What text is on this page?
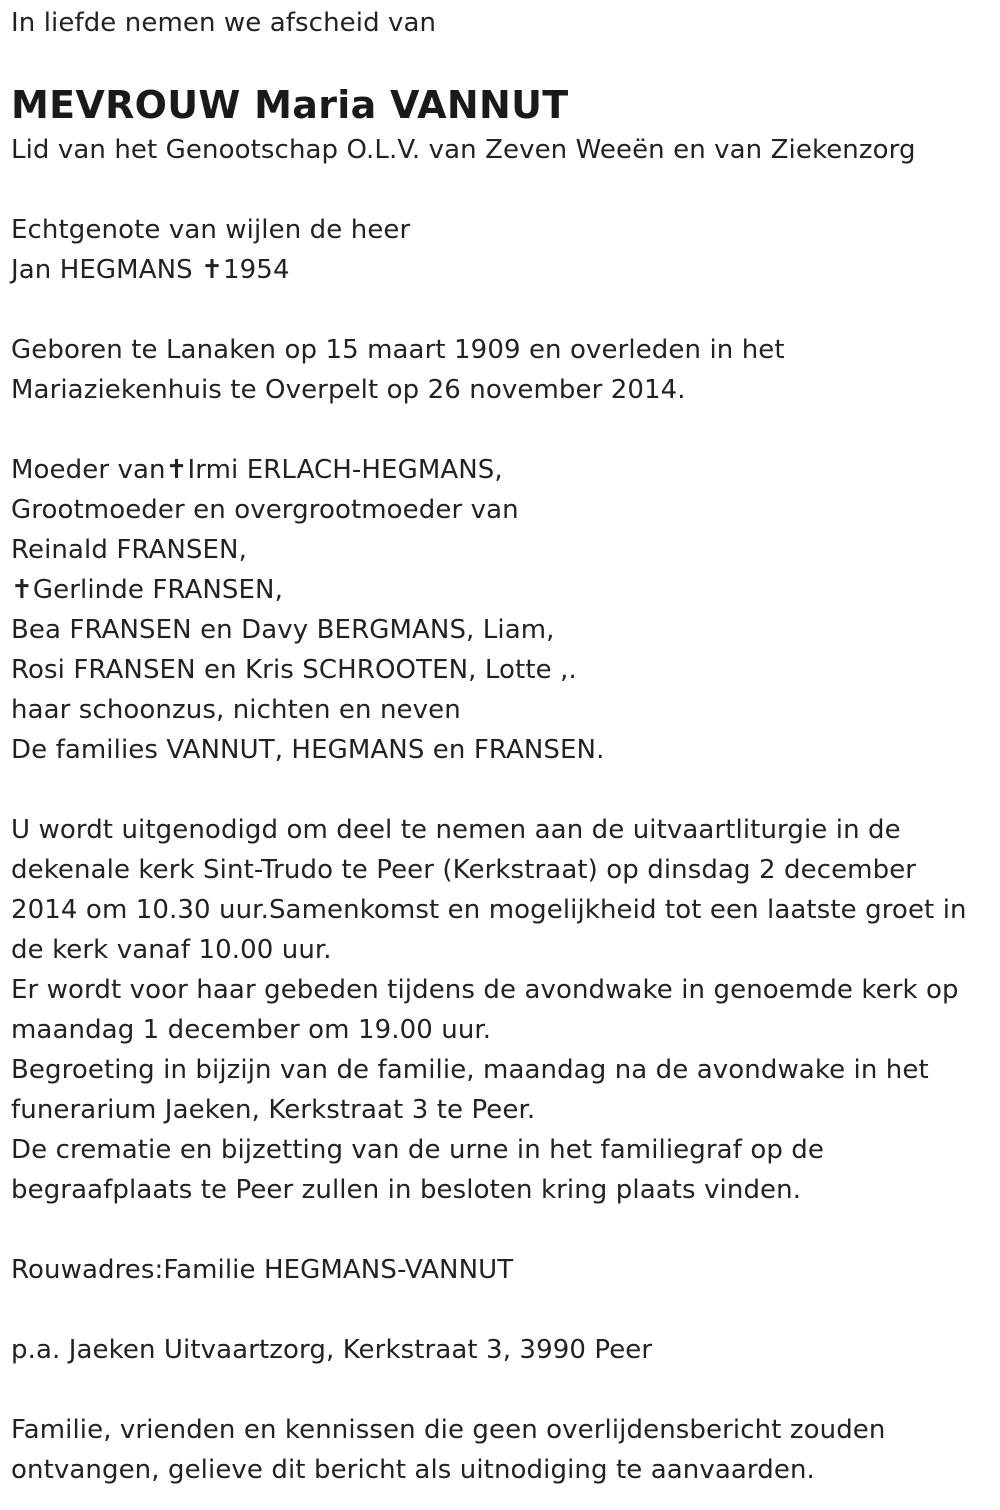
In liefde nemen we afscheid van
MEVROUW Maria VANNUT
Lid van het Genootschap O.L.V. van Zeven Weeën en van Ziekenzorg
Echtgenote van wijlen de heer
Jan HEGMANS ✝1954
Geboren te Lanaken op 15 maart 1909 en overleden in het
Mariaziekenhuis te Overpelt op 26 november 2014.
Moeder van✝Irmi ERLACH-HEGMANS,
Grootmoeder en overgrootmoeder van
Reinald FRANSEN,
✝Gerlinde FRANSEN,
Bea FRANSEN en Davy BERGMANS, Liam,
Rosi FRANSEN en Kris SCHROOTEN, Lotte ,.
haar schoonzus, nichten en neven
De families VANNUT, HEGMANS en FRANSEN.
U wordt uitgenodigd om deel te nemen aan de uitvaartliturgie in de
dekenale kerk Sint-Trudo te Peer (Kerkstraat) op dinsdag 2 december
2014 om 10.30 uur.Samenkomst en mogelijkheid tot een laatste groet in
de kerk vanaf 10.00 uur.
Er wordt voor haar gebeden tijdens de avondwake in genoemde kerk op
maandag 1 december om 19.00 uur.
Begroeting in bijzijn van de familie, maandag na de avondwake in het
funerarium Jaeken, Kerkstraat 3 te Peer.
De crematie en bijzetting van de urne in het familiegraf op de
begraafplaats te Peer zullen in besloten kring plaats vinden.
Rouwadres:Familie HEGMANS-VANNUT
p.a. Jaeken Uitvaartzorg, Kerkstraat 3, 3990 Peer
Familie, vrienden en kennissen die geen overlijdensbericht zouden
ontvangen, gelieve dit bericht als uitnodiging te aanvaarden.
